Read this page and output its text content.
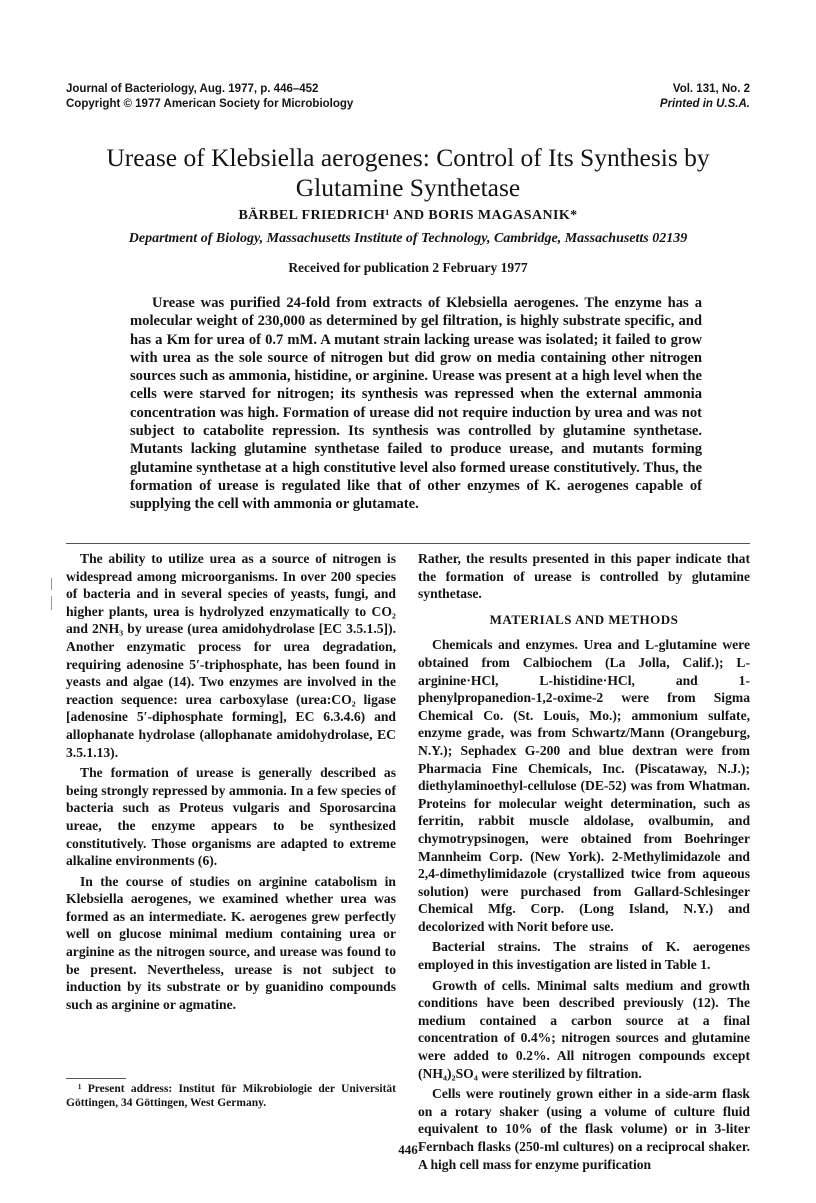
Journal of Bacteriology, Aug. 1977, p. 446–452
Copyright © 1977 American Society for Microbiology
Vol. 131, No. 2
Printed in U.S.A.
Urease of Klebsiella aerogenes: Control of Its Synthesis by
Glutamine Synthetase
BÄRBEL FRIEDRICH¹ AND BORIS MAGASANIK*
Department of Biology, Massachusetts Institute of Technology, Cambridge, Massachusetts 02139
Received for publication 2 February 1977

Urease was purified 24-fold from extracts of Klebsiella aerogenes. The enzyme has a molecular weight of 230,000 as determined by gel filtration, is highly substrate specific, and has a Km for urea of 0.7 mM. A mutant strain lacking urease was isolated; it failed to grow with urea as the sole source of nitrogen but did grow on media containing other nitrogen sources such as ammonia, histidine, or arginine. Urease was present at a high level when the cells were starved for nitrogen; its synthesis was repressed when the external ammonia concentration was high. Formation of urease did not require induction by urea and was not subject to catabolite repression. Its synthesis was controlled by glutamine synthetase. Mutants lacking glutamine synthetase failed to produce urease, and mutants forming glutamine synthetase at a high constitutive level also formed urease constitutively. Thus, the formation of urease is regulated like that of other enzymes of K. aerogenes capable of supplying the cell with ammonia or glutamate.

The ability to utilize urea as a source of nitrogen is widespread among microorganisms. In over 200 species of bacteria and in several species of yeasts, fungi, and higher plants, urea is hydrolyzed enzymatically to CO₂ and 2NH₃ by urease (urea amidohydrolase [EC 3.5.1.5]). Another enzymatic process for urea degradation, requiring adenosine 5′-triphosphate, has been found in yeasts and algae (14). Two enzymes are involved in the reaction sequence: urea carboxylase (urea:CO₂ ligase [adenosine 5′-diphosphate forming], EC 6.3.4.6) and allophanate hydrolase (allophanate amidohydrolase, EC 3.5.1.13).

The formation of urease is generally described as being strongly repressed by ammonia. In a few species of bacteria such as Proteus vulgaris and Sporosarcina ureae, the enzyme appears to be synthesized constitutively. Those organisms are adapted to extreme alkaline environments (6).

In the course of studies on arginine catabolism in Klebsiella aerogenes, we examined whether urea was formed as an intermediate. K. aerogenes grew perfectly well on glucose minimal medium containing urea or arginine as the nitrogen source, and urease was found to be present. Nevertheless, urease is not subject to induction by its substrate or by guanidino compounds such as arginine or agmatine.

Rather, the results presented in this paper indicate that the formation of urease is controlled by glutamine synthetase.

MATERIALS AND METHODS

Chemicals and enzymes. Urea and L-glutamine were obtained from Calbiochem (La Jolla, Calif.); L-arginine·HCl, L-histidine·HCl, and 1-phenylpropanedion-1,2-oxime-2 were from Sigma Chemical Co. (St. Louis, Mo.); ammonium sulfate, enzyme grade, was from Schwartz/Mann (Orangeburg, N.Y.); Sephadex G-200 and blue dextran were from Pharmacia Fine Chemicals, Inc. (Piscataway, N.J.); diethylaminoethyl-cellulose (DE-52) was from Whatman. Proteins for molecular weight determination, such as ferritin, rabbit muscle aldolase, ovalbumin, and chymotrypsinogen, were obtained from Boehringer Mannheim Corp. (New York). 2-Methylimidazole and 2,4-dimethylimidazole (crystallized twice from aqueous solution) were purchased from Gallard-Schlesinger Chemical Mfg. Corp. (Long Island, N.Y.) and decolorized with Norit before use.

Bacterial strains. The strains of K. aerogenes employed in this investigation are listed in Table 1.

Growth of cells. Minimal salts medium and growth conditions have been described previously (12). The medium contained a carbon source at a final concentration of 0.4%; nitrogen sources and glutamine were added to 0.2%. All nitrogen compounds except (NH₄)₂SO₄ were sterilized by filtration.

Cells were routinely grown either in a side-arm flask on a rotary shaker (using a volume of culture fluid equivalent to 10% of the flask volume) or in 3-liter Fernbach flasks (250-ml cultures) on a reciprocal shaker. A high cell mass for enzyme purification

¹ Present address: Institut für Mikrobiologie der Universität Göttingen, 34 Göttingen, West Germany.
446
